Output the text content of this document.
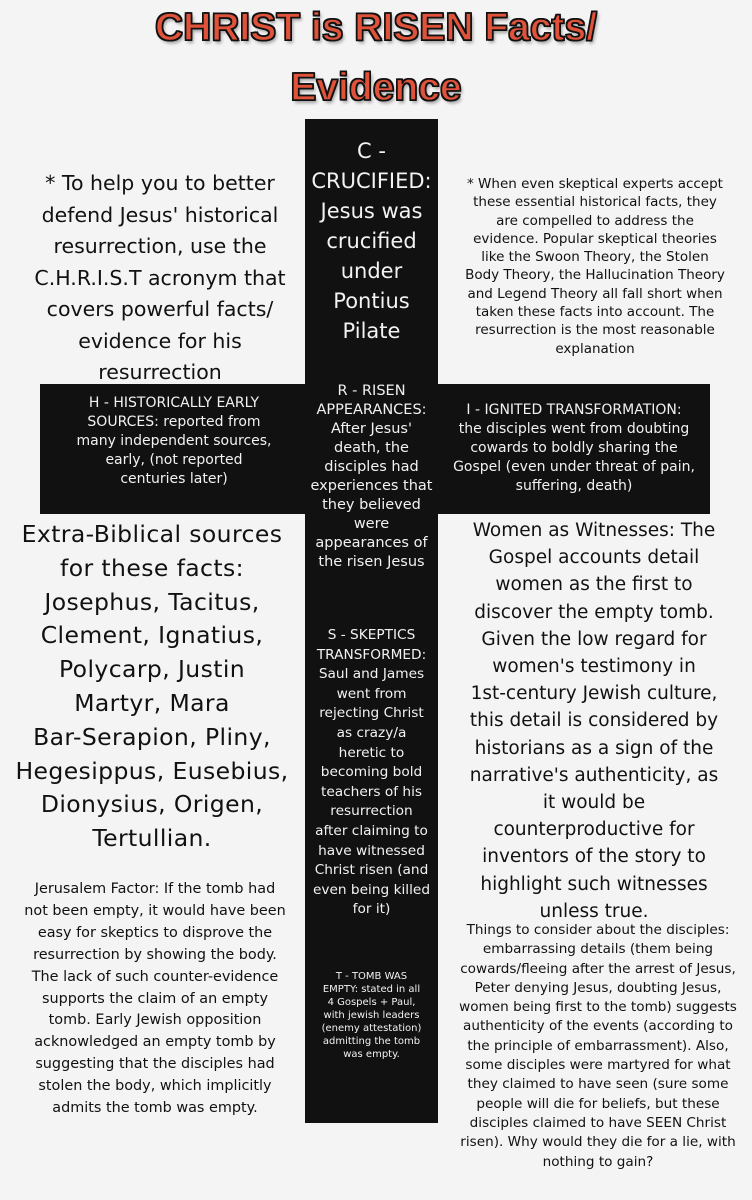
CHRIST is RISEN Facts/
Evidence
C -
CRUCIFIED:
Jesus was
crucified
under
Pontius
Pilate
H - HISTORICALLY EARLY
SOURCES: reported from
many independent sources,
early, (not reported
centuries later)
R - RISEN
APPEARANCES:
After Jesus'
death, the
disciples had
experiences that
they believed
were
appearances of
the risen Jesus
I - IGNITED TRANSFORMATION:
the disciples went from doubting
cowards to boldly sharing the
Gospel (even under threat of pain,
suffering, death)
S - SKEPTICS
TRANSFORMED:
Saul and James
went from
rejecting Christ
as crazy/a
heretic to
becoming bold
teachers of his
resurrection
after claiming to
have witnessed
Christ risen (and
even being killed
for it)
T - TOMB WAS
EMPTY: stated in all
4 Gospels + Paul,
with jewish leaders
(enemy attestation)
admitting the tomb
was empty.
* To help you to better
defend Jesus' historical
resurrection, use the
C.H.R.I.S.T acronym that
covers powerful facts/
evidence for his
resurrection
* When even skeptical experts accept
these essential historical facts, they
are compelled to address the
evidence. Popular skeptical theories
like the Swoon Theory, the Stolen
Body Theory, the Hallucination Theory
and Legend Theory all fall short when
taken these facts into account. The
resurrection is the most reasonable
explanation
Extra-Biblical sources
for these facts:
Josephus, Tacitus,
Clement, Ignatius,
Polycarp, Justin
Martyr, Mara
Bar-Serapion, Pliny,
Hegesippus, Eusebius,
Dionysius, Origen,
Tertullian.
Women as Witnesses: The
Gospel accounts detail
women as the first to
discover the empty tomb.
Given the low regard for
women's testimony in
1st-century Jewish culture,
this detail is considered by
historians as a sign of the
narrative's authenticity, as
it would be
counterproductive for
inventors of the story to
highlight such witnesses
unless true.
Jerusalem Factor: If the tomb had
not been empty, it would have been
easy for skeptics to disprove the
resurrection by showing the body.
The lack of such counter-evidence
supports the claim of an empty
tomb. Early Jewish opposition
acknowledged an empty tomb by
suggesting that the disciples had
stolen the body, which implicitly
admits the tomb was empty.
Things to consider about the disciples:
embarrassing details (them being
cowards/fleeing after the arrest of Jesus,
Peter denying Jesus, doubting Jesus,
women being first to the tomb) suggests
authenticity of the events (according to
the principle of embarrassment). Also,
some disciples were martyred for what
they claimed to have seen (sure some
people will die for beliefs, but these
disciples claimed to have SEEN Christ
risen). Why would they die for a lie, with
nothing to gain?
